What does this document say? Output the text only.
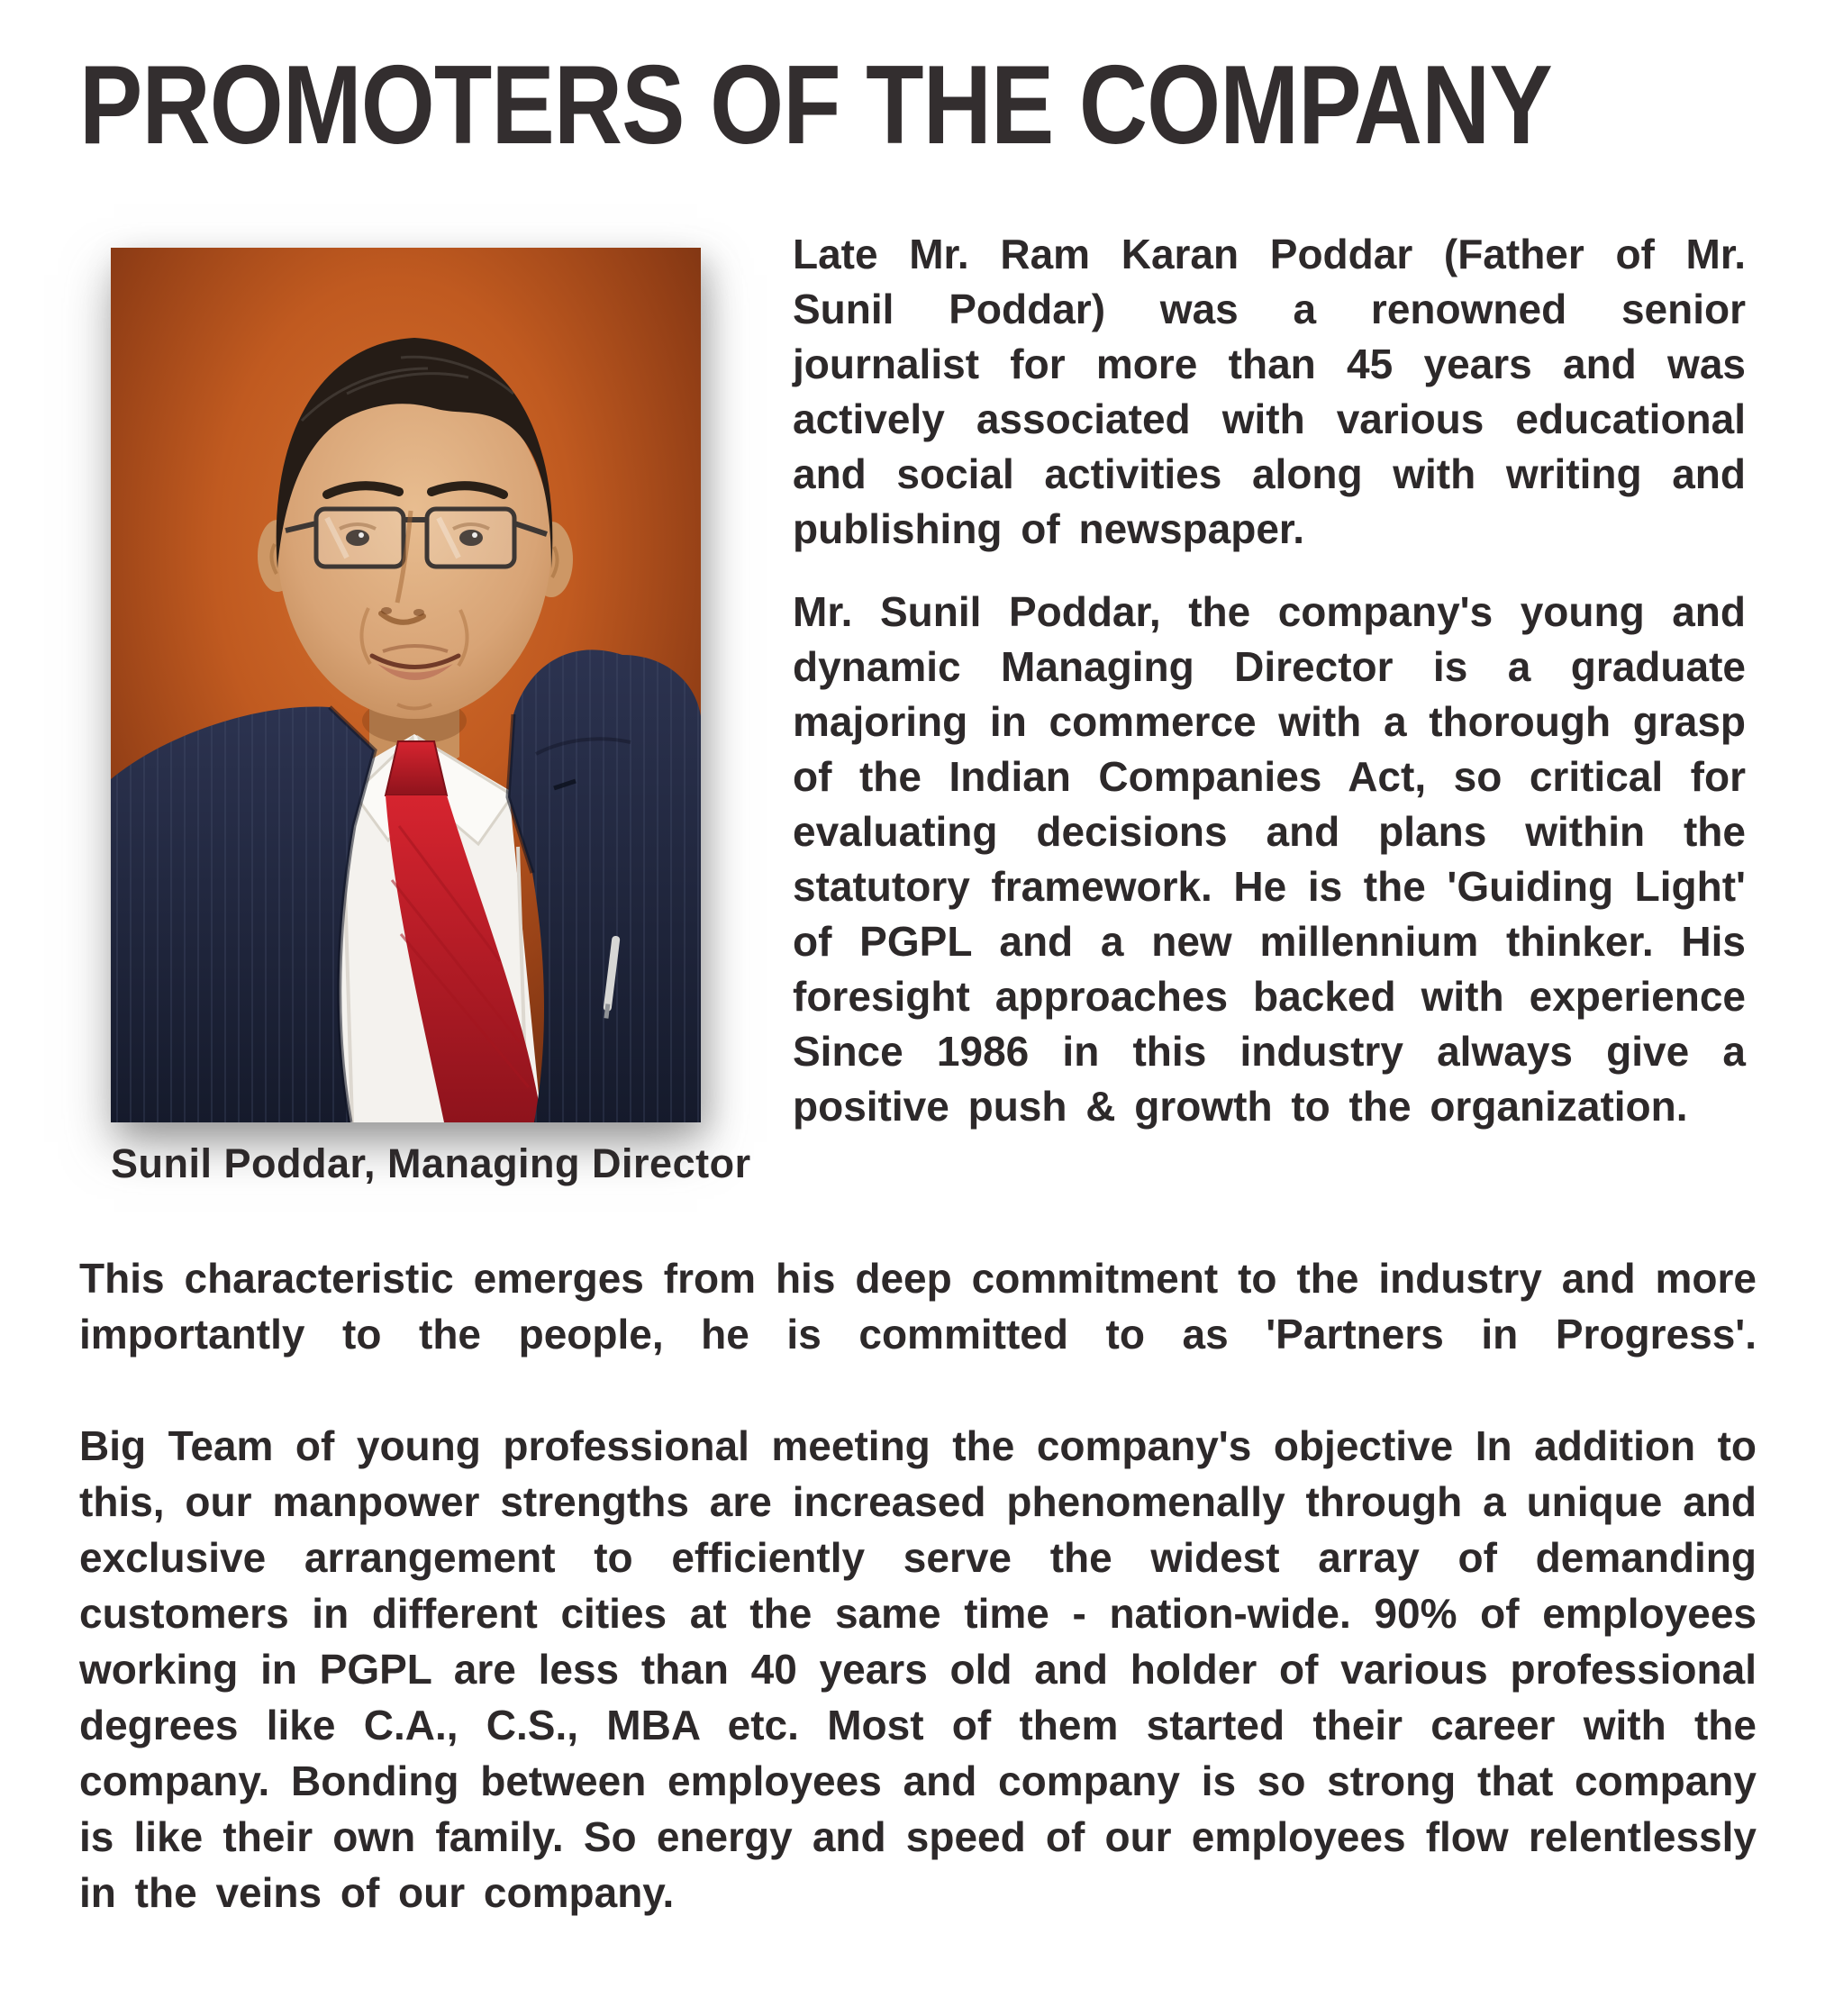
PROMOTERS OF THE COMPANY
Sunil Poddar, Managing Director

Late Mr. Ram Karan Poddar (Father of Mr. Sunil Poddar) was a renowned senior journalist for more than 45 years and was actively associated with various educational and social activities along with writing and publishing of newspaper.

Mr. Sunil Poddar, the company's young and dynamic Managing Director is a graduate majoring in commerce with a thorough grasp of the Indian Companies Act, so critical for evaluating decisions and plans within the statutory framework. He is the 'Guiding Light' of PGPL and a new millennium thinker. His foresight approaches backed with experience Since 1986 in this industry always give a positive push & growth to the organization.

This characteristic emerges from his deep commitment to the industry and more importantly to the people, he is committed to as 'Partners in Progress'.

Big Team of young professional meeting the company's objective In addition to this, our manpower strengths are increased phenomenally through a unique and exclusive arrangement to efficiently serve the widest array of demanding customers in different cities at the same time - nation-wide. 90% of employees working in PGPL are less than 40 years old and holder of various professional degrees like C.A., C.S., MBA etc. Most of them started their career with the company. Bonding between employees and company is so strong that company is like their own family. So energy and speed of our employees flow relentlessly in the veins of our company.
